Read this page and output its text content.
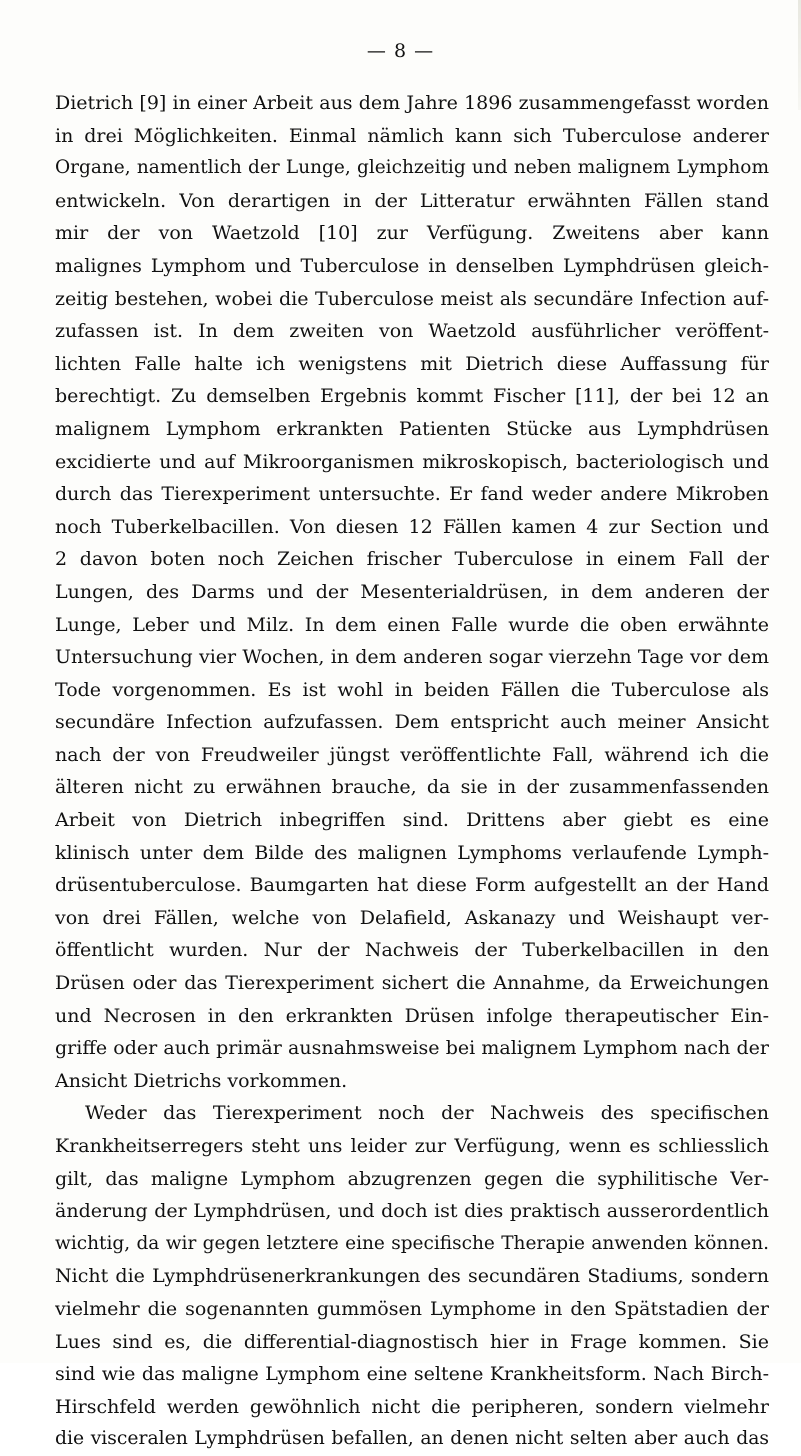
— 8 —
Dietrich [9] in einer Arbeit aus dem Jahre 1896 zusammengefasst worden
in drei Möglichkeiten. Einmal nämlich kann sich Tuberculose anderer
Organe, namentlich der Lunge, gleichzeitig und neben malignem Lymphom
entwickeln. Von derartigen in der Litteratur erwähnten Fällen stand
mir der von Waetzold [10] zur Verfügung. Zweitens aber kann
malignes Lymphom und Tuberculose in denselben Lymphdrüsen gleich-
zeitig bestehen, wobei die Tuberculose meist als secundäre Infection auf-
zufassen ist. In dem zweiten von Waetzold ausführlicher veröffent-
lichten Falle halte ich wenigstens mit Dietrich diese Auffassung für
berechtigt. Zu demselben Ergebnis kommt Fischer [11], der bei 12 an
malignem Lymphom erkrankten Patienten Stücke aus Lymphdrüsen
excidierte und auf Mikroorganismen mikroskopisch, bacteriologisch und
durch das Tierexperiment untersuchte. Er fand weder andere Mikroben
noch Tuberkelbacillen. Von diesen 12 Fällen kamen 4 zur Section und
2 davon boten noch Zeichen frischer Tuberculose in einem Fall der
Lungen, des Darms und der Mesenterialdrüsen, in dem anderen der
Lunge, Leber und Milz. In dem einen Falle wurde die oben erwähnte
Untersuchung vier Wochen, in dem anderen sogar vierzehn Tage vor dem
Tode vorgenommen. Es ist wohl in beiden Fällen die Tuberculose als
secundäre Infection aufzufassen. Dem entspricht auch meiner Ansicht
nach der von Freudweiler jüngst veröffentlichte Fall, während ich die
älteren nicht zu erwähnen brauche, da sie in der zusammenfassenden
Arbeit von Dietrich inbegriffen sind. Drittens aber giebt es eine
klinisch unter dem Bilde des malignen Lymphoms verlaufende Lymph-
drüsentuberculose. Baumgarten hat diese Form aufgestellt an der Hand
von drei Fällen, welche von Delafield, Askanazy und Weishaupt ver-
öffentlicht wurden. Nur der Nachweis der Tuberkelbacillen in den
Drüsen oder das Tierexperiment sichert die Annahme, da Erweichungen
und Necrosen in den erkrankten Drüsen infolge therapeutischer Ein-
griffe oder auch primär ausnahmsweise bei malignem Lymphom nach der
Ansicht Dietrichs vorkommen.
Weder das Tierexperiment noch der Nachweis des specifischen
Krankheitserregers steht uns leider zur Verfügung, wenn es schliesslich
gilt, das maligne Lymphom abzugrenzen gegen die syphilitische Ver-
änderung der Lymphdrüsen, und doch ist dies praktisch ausserordentlich
wichtig, da wir gegen letztere eine specifische Therapie anwenden können.
Nicht die Lymphdrüsenerkrankungen des secundären Stadiums, sondern
vielmehr die sogenannten gummösen Lymphome in den Spätstadien der
Lues sind es, die differential-diagnostisch hier in Frage kommen. Sie
sind wie das maligne Lymphom eine seltene Krankheitsform. Nach Birch-
Hirschfeld werden gewöhnlich nicht die peripheren, sondern vielmehr
die visceralen Lymphdrüsen befallen, an denen nicht selten aber auch das
